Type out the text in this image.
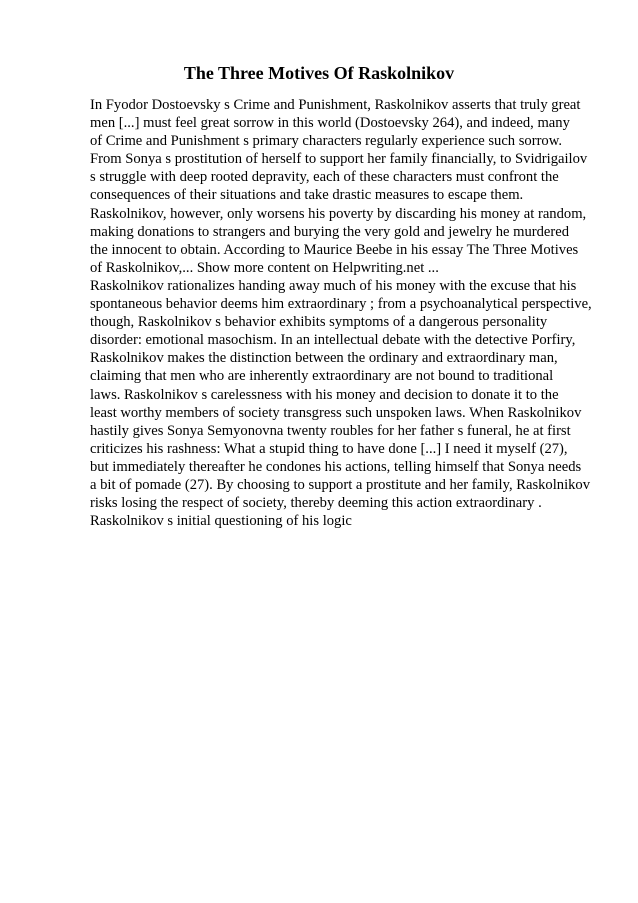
The Three Motives Of Raskolnikov
In Fyodor Dostoevsky s Crime and Punishment, Raskolnikov asserts that truly great
men [...] must feel great sorrow in this world (Dostoevsky 264), and indeed, many
of Crime and Punishment s primary characters regularly experience such sorrow.
From Sonya s prostitution of herself to support her family financially, to Svidrigailov
s struggle with deep rooted depravity, each of these characters must confront the
consequences of their situations and take drastic measures to escape them.
Raskolnikov, however, only worsens his poverty by discarding his money at random,
making donations to strangers and burying the very gold and jewelry he murdered
the innocent to obtain. According to Maurice Beebe in his essay The Three Motives
of Raskolnikov,... Show more content on Helpwriting.net ...
Raskolnikov rationalizes handing away much of his money with the excuse that his
spontaneous behavior deems him extraordinary ; from a psychoanalytical perspective,
though, Raskolnikov s behavior exhibits symptoms of a dangerous personality
disorder: emotional masochism. In an intellectual debate with the detective Porfiry,
Raskolnikov makes the distinction between the ordinary and extraordinary man,
claiming that men who are inherently extraordinary are not bound to traditional
laws. Raskolnikov s carelessness with his money and decision to donate it to the
least worthy members of society transgress such unspoken laws. When Raskolnikov
hastily gives Sonya Semyonovna twenty roubles for her father s funeral, he at first
criticizes his rashness: What a stupid thing to have done [...] I need it myself (27),
but immediately thereafter he condones his actions, telling himself that Sonya needs
a bit of pomade (27). By choosing to support a prostitute and her family, Raskolnikov
risks losing the respect of society, thereby deeming this action extraordinary .
Raskolnikov s initial questioning of his logic
